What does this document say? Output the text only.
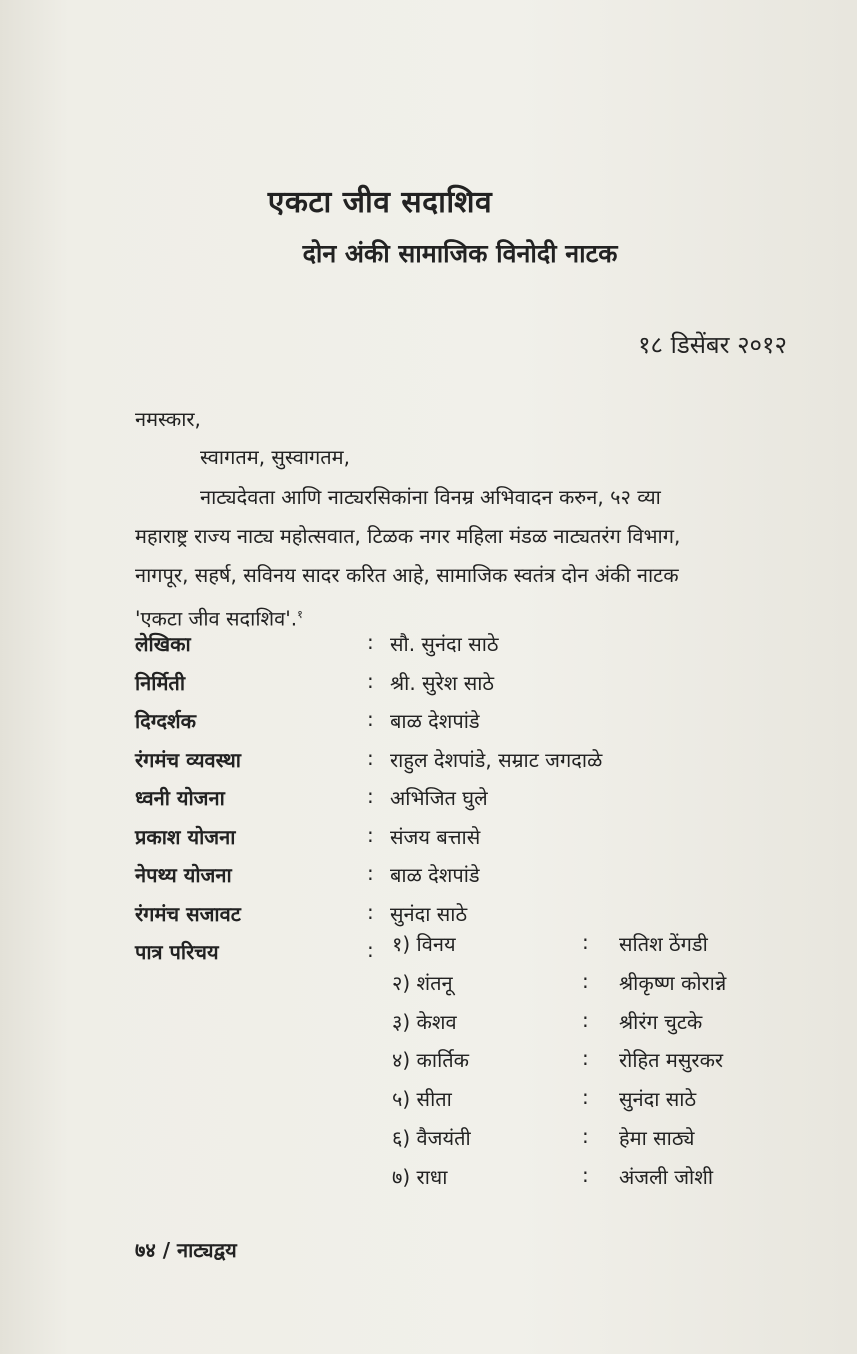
एकटा जीव सदाशिव
दोन अंकी सामाजिक विनोदी नाटक
१८ डिसेंबर २०१२
नमस्कार,
स्वागतम, सुस्वागतम,
नाट्यदेवता आणि नाट्यरसिकांना विनम्र अभिवादन करुन, ५२ व्या
महाराष्ट्र राज्य नाट्य महोत्सवात, टिळक नगर महिला मंडळ नाट्यतरंग विभाग,
नागपूर, सहर्ष, सविनय सादर करित आहे, सामाजिक स्वतंत्र दोन अंकी नाटक
'एकटा जीव सदाशिव'.$^१$
लेखिका	: सौ. सुनंदा साठे
निर्मिती	: श्री. सुरेश साठे
दिग्दर्शक	: बाळ देशपांडे
रंगमंच व्यवस्था	: राहुल देशपांडे, सम्राट जगदाळे
ध्वनी योजना	: अभिजित घुले
प्रकाश योजना	: संजय बत्तासे
नेपथ्य योजना	: बाळ देशपांडे
रंगमंच सजावट	: सुनंदा साठे
पात्र परिचय	: १) विनय	: सतिश ठेंगडी
२) शंतनू	: श्रीकृष्ण कोरान्ने
३) केशव	: श्रीरंग चुटके
४) कार्तिक	: रोहित मसुरकर
५) सीता	: सुनंदा साठे
६) वैजयंती	: हेमा साठ्ये
७) राधा	: अंजली जोशी
७४ / नाट्यद्वय
